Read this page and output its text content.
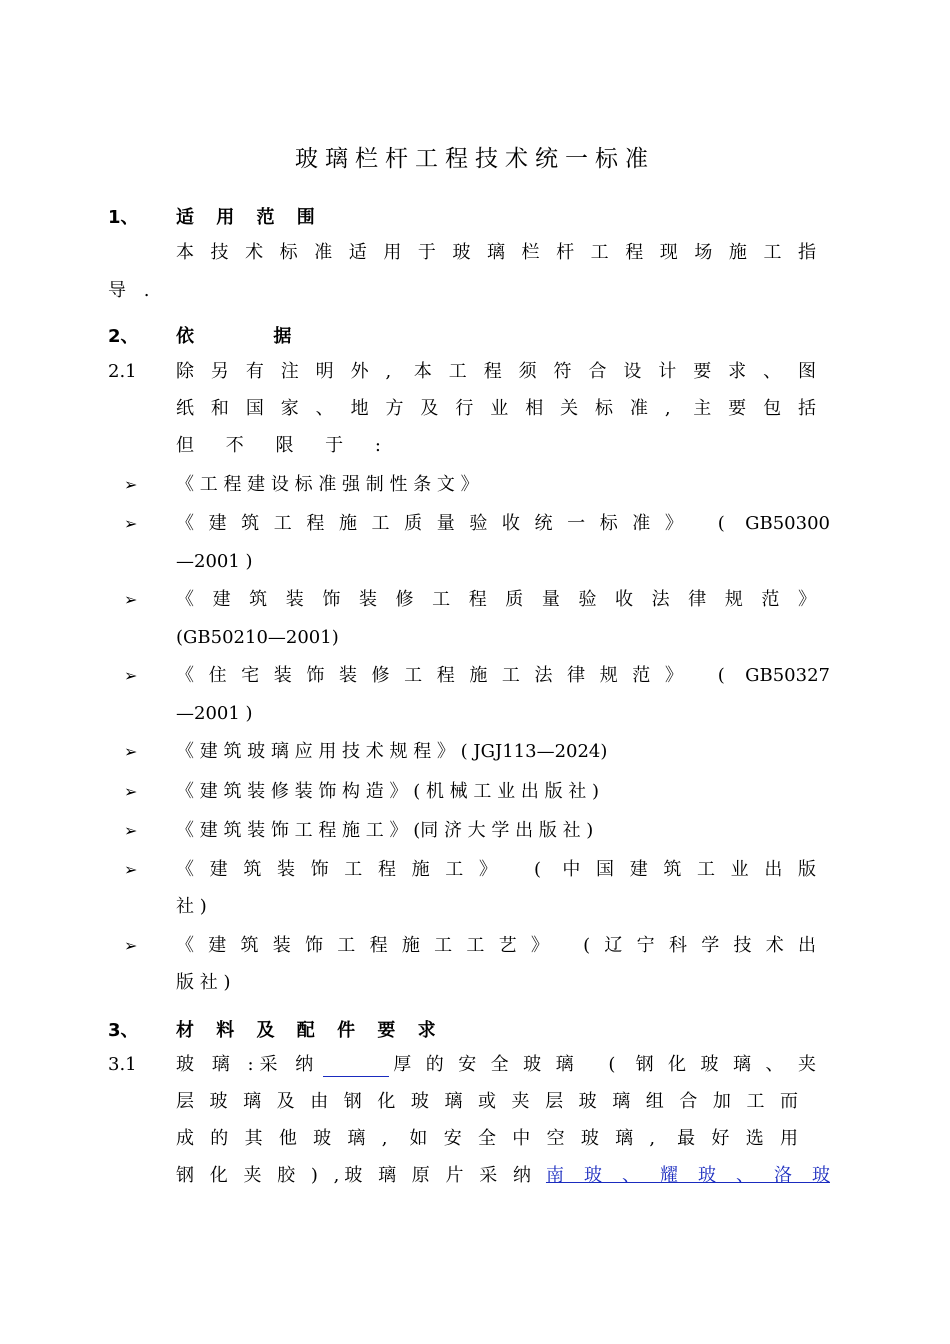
玻璃栏杆工程技术统一标准
1、 适 用 范 围
本技术标准适用于玻璃栏杆工程现场施工指
导 .
2、 依     据
2.1 除另有注明外, 本工程须符合设计要求、图
纸和国家、地方及行业相关标准, 主要包括
但 不 限 于 :
➢ 《 工 程 建 设 标 准 强 制 性 条 文 》
➢ 《建筑工程施工质量验收统一标准》 ( GB50300
—2001 )
➢ 《建筑装饰装修工程质量验收法律规范》
(GB50210—2001)
➢ 《住宅装饰装修工程施工法律规范》 ( GB50327
—2001 )
➢ 《 建 筑 玻 璃 应 用 技 术 规 程 》 ( JGJ113—2024)
➢ 《 建 筑 装 修 装 饰 构 造 》 ( 机 械 工 业 出 版 社 )
➢ 《 建 筑 装 饰 工 程 施 工 》 (同 济 大 学 出 版 社 )
➢ 《建筑装饰工程施工》 ( 中国建筑工业出版
社 )
➢ 《建筑装饰工程施工工艺》 (辽宁科学技术出
版 社 )
3、 材 料 及 配 件 要 求
3.1 玻 璃 :采 纳	厚的安全玻璃 ( 钢化玻璃、夹
层玻璃及由钢化玻璃或夹层玻璃组合加工而
成的其他玻璃, 如安全中空玻璃, 最好选用
钢 化 夹 胶 ) ,玻 璃 原 片 采 纳 南玻、耀玻、洛玻
